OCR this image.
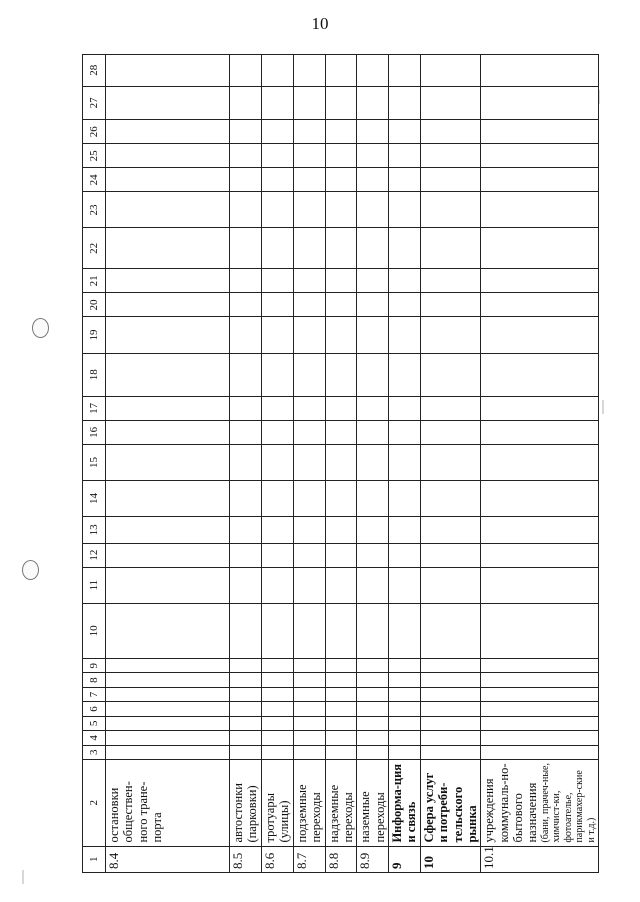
10
1	2	3	4	5	6	7	8	9	10	11	12	13	14	15	16	17	18	19	20	21	22	23	24	25	26	27	28
8.4	остановки обществен-ного тране-порта																										
8.5	автостонки (парковки)																										
8.6	тротуары (улицы)																										
8.7	подземные переходы																										
8.8	надземные переходы																										
8.9	наземные переходы																										
9	Информа-ция и связь																										
10	Сфера услуг и потреби-тельского рынка																										
10.1	учреждения коммуналь-но-бытового назначения (бани, прачеч-ные, химчист-ки, фотоателье, парикмахер-ские и т.д.)																										
